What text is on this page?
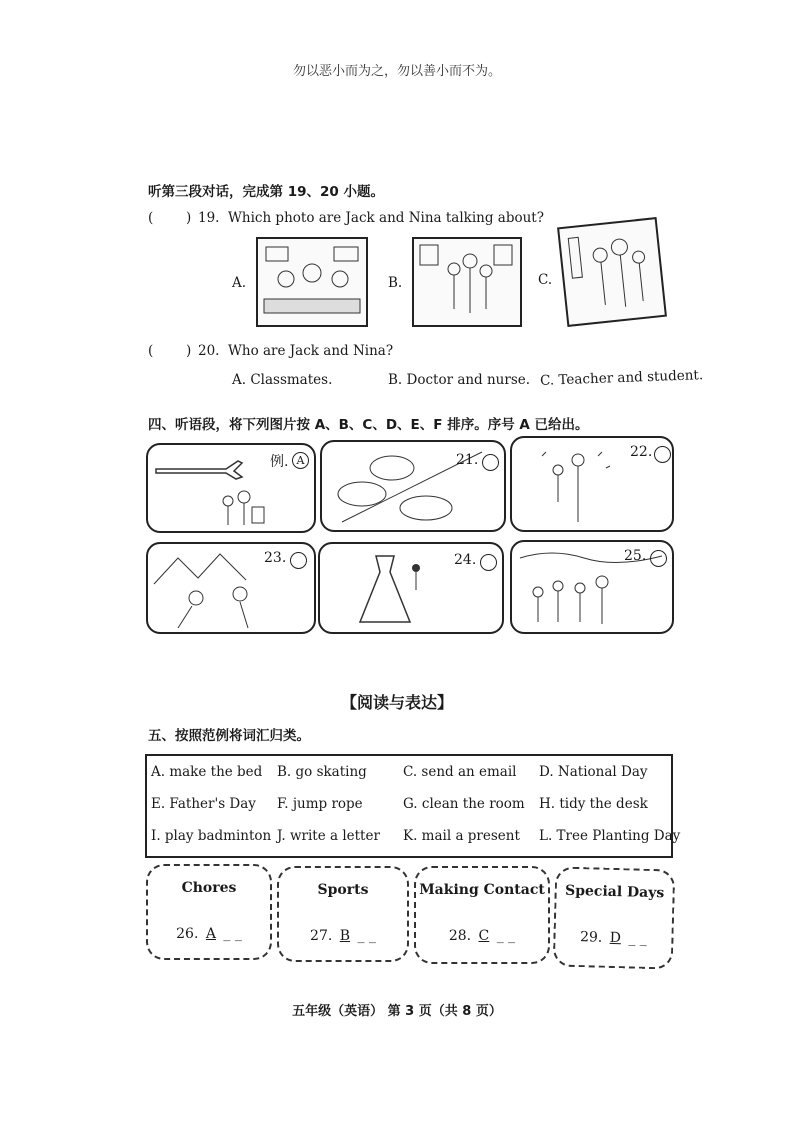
勿以恶小而为之，勿以善小而不为。
听第三段对话，完成第 19、20 小题。
( ) 19. Which photo are Jack and Nina talking about?
A.	B.	C.
( ) 20. Who are Jack and Nina?
A. Classmates.	B. Doctor and nurse. C. Teacher and student.
四、听语段，将下列图片按 A、B、C、D、E、F 排序。序号 A 已给出。
例. A	21.	22.
23.	24.	25.
【阅读与表达】
五、按照范例将词汇归类。
A. make the bed B. go skating	C. send an email D. National Day
E. Father's Day F. jump rope	G. clean the room H. tidy the desk
I. play badminton J. write a letter K. mail a present L. Tree Planting Day
Chores
26. A _ _
Sports
27. B _ _
Making Contact
28. C _ _
Special Days
29. D _ _
五年级（英语） 第 3 页（共 8 页）
